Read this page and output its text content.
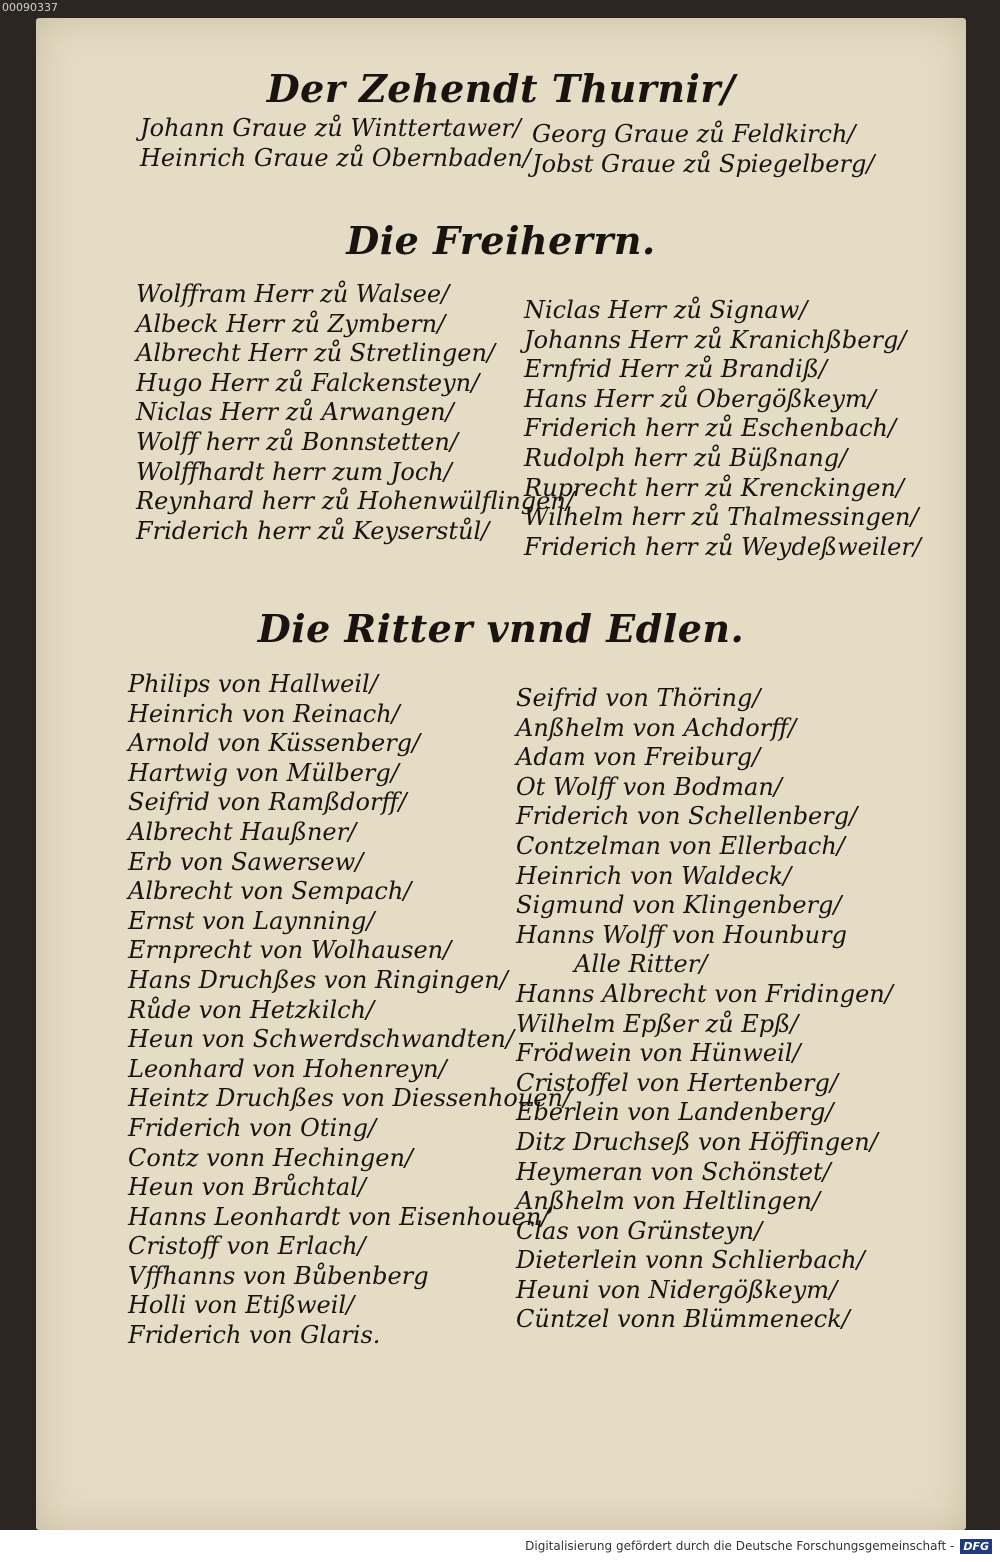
00090337
Der Zehendt Thurnir/
Johann Graue zů Winttertawer/
Heinrich Graue zů Obernbaden/
Georg Graue zů Feldkirch/
Jobst Graue zů Spiegelberg/
Die Freiherrn.
Wolffram Herr zů Walsee/
Albeck Herr zů Zymbern/
Albrecht Herr zů Stretlingen/
Hugo Herr zů Falckensteyn/
Niclas Herr zů Arwangen/
Wolff herr zů Bonnstetten/
Wolffhardt herr zum Joch/
Reynhard herr zů Hohenwülflingen/
Friderich herr zů Keyserstůl/
Niclas Herr zů Signaw/
Johanns Herr zů Kranichßberg/
Ernfrid Herr zů Brandiß/
Hans Herr zů Obergößkeym/
Friderich herr zů Eschenbach/
Rudolph herr zů Büßnang/
Ruprecht herr zů Krenckingen/
Wilhelm herr zů Thalmessingen/
Friderich herr zů Weydeßweiler/
Die Ritter vnnd Edlen.
Philips von Hallweil/
Heinrich von Reinach/
Arnold von Küssenberg/
Hartwig von Mülberg/
Seifrid von Ramßdorff/
Albrecht Haußner/
Erb von Sawersew/
Albrecht von Sempach/
Ernst von Laynning/
Ernprecht von Wolhausen/
Hans Druchßes von Ringingen/
Růde von Hetzkilch/
Heun von Schwerdschwandten/
Leonhard von Hohenreyn/
Heintz Druchßes von Diessenhouen/
Friderich von Oting/
Contz vonn Hechingen/
Heun von Brůchtal/
Hanns Leonhardt von Eisenhouen/
Cristoff von Erlach/
Vffhanns von Bůbenberg
Holli von Etißweil/
Friderich von Glaris.
Seifrid von Thöring/
Anßhelm von Achdorff/
Adam von Freiburg/
Ot Wolff von Bodman/
Friderich von Schellenberg/
Contzelman von Ellerbach/
Heinrich von Waldeck/
Sigmund von Klingenberg/
Hanns Wolff von Hounburg
Alle Ritter/
Hanns Albrecht von Fridingen/
Wilhelm Epßer zů Epß/
Frödwein von Hünweil/
Cristoffel von Hertenberg/
Eberlein von Landenberg/
Ditz Druchseß von Höffingen/
Heymeran von Schönstet/
Anßhelm von Heltlingen/
Clas von Grünsteyn/
Dieterlein vonn Schlierbach/
Heuni von Nidergößkeym/
Cüntzel vonn Blümmeneck/
Digitalisierung gefördert durch die Deutsche Forschungsgemeinschaft - DFG
